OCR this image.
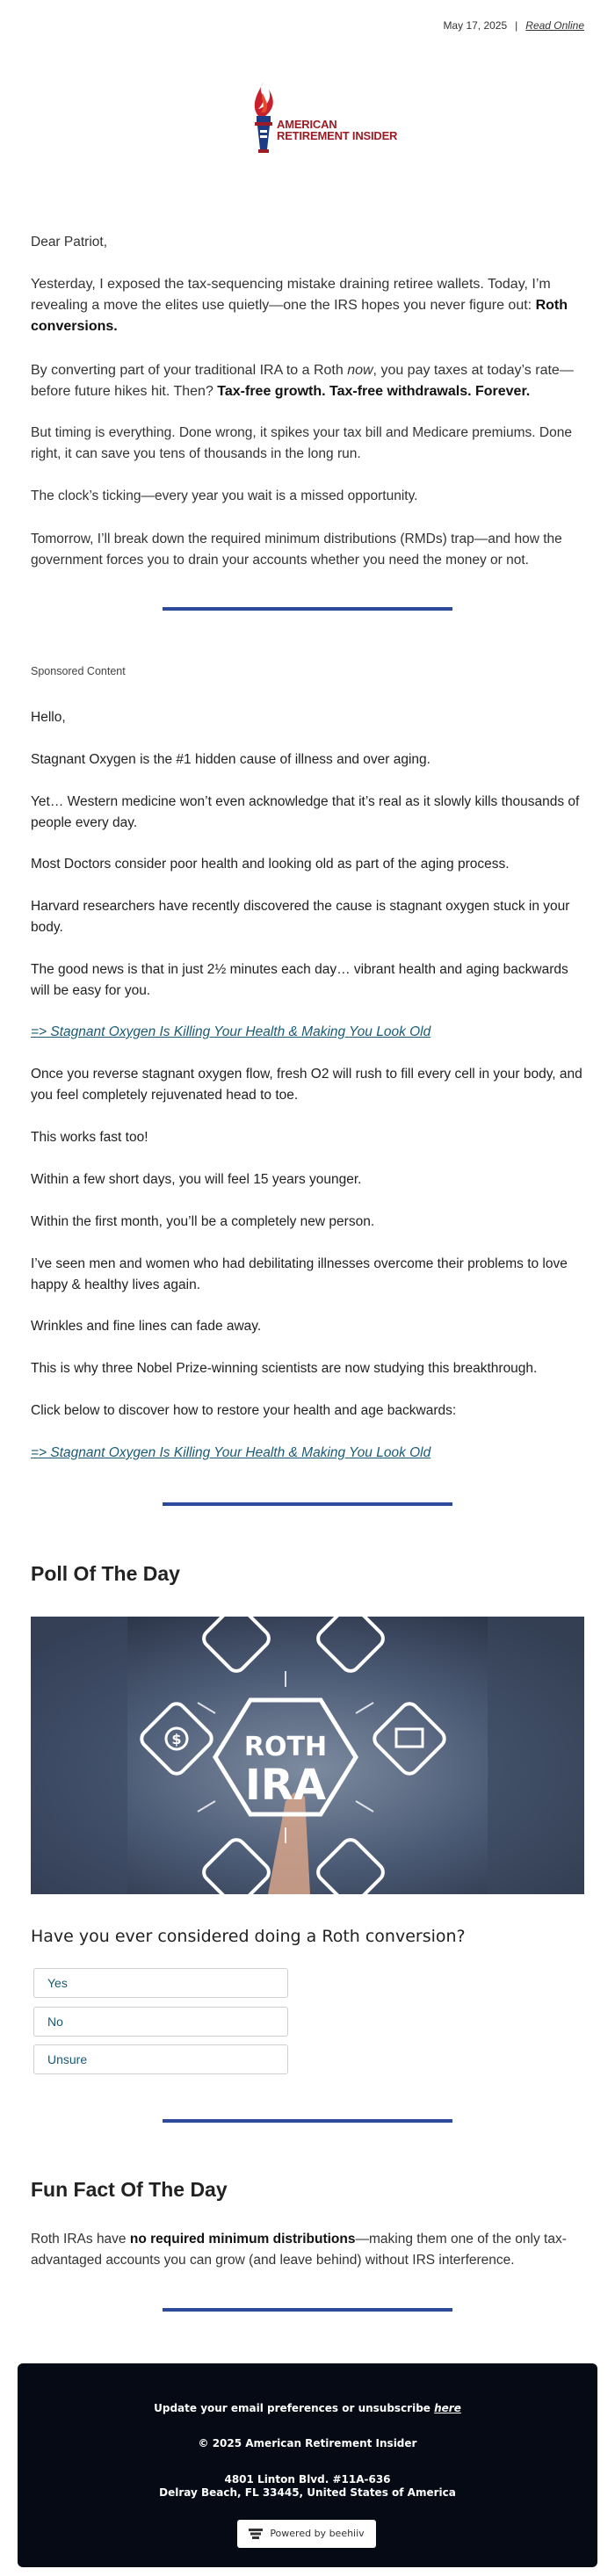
May 17, 2025 | Read Online
AMERICAN
RETIREMENT INSIDER

Dear Patriot,

Yesterday, I exposed the tax-sequencing mistake draining retiree wallets. Today, I’m revealing a move the elites use quietly—one the IRS hopes you never figure out: Roth conversions.

By converting part of your traditional IRA to a Roth now, you pay taxes at today’s rate—before future hikes hit. Then? Tax-free growth. Tax-free withdrawals. Forever.

But timing is everything. Done wrong, it spikes your tax bill and Medicare premiums. Done right, it can save you tens of thousands in the long run.

The clock’s ticking—every year you wait is a missed opportunity.

Tomorrow, I’ll break down the required minimum distributions (RMDs) trap—and how the government forces you to drain your accounts whether you need the money or not.

Sponsored Content

Hello,

Stagnant Oxygen is the #1 hidden cause of illness and over aging.

Yet… Western medicine won’t even acknowledge that it’s real as it slowly kills thousands of people every day.

Most Doctors consider poor health and looking old as part of the aging process.

Harvard researchers have recently discovered the cause is stagnant oxygen stuck in your body.

The good news is that in just 2½ minutes each day… vibrant health and aging backwards will be easy for you.

=> Stagnant Oxygen Is Killing Your Health & Making You Look Old

Once you reverse stagnant oxygen flow, fresh O2 will rush to fill every cell in your body, and you feel completely rejuvenated head to toe.

This works fast too!

Within a few short days, you will feel 15 years younger.

Within the first month, you’ll be a completely new person.

I’ve seen men and women who had debilitating illnesses overcome their problems to love happy & healthy lives again.

Wrinkles and fine lines can fade away.

This is why three Nobel Prize-winning scientists are now studying this breakthrough.

Click below to discover how to restore your health and age backwards:

=> Stagnant Oxygen Is Killing Your Health & Making You Look Old

Poll Of The Day
$ ROTH
IRA

Have you ever considered doing a Roth conversion?

Yes
No
Unsure
Fun Fact Of The Day

Roth IRAs have no required minimum distributions—making them one of the only tax-advantaged accounts you can grow (and leave behind) without IRS interference.

Update your email preferences or unsubscribe here
© 2025 American Retirement Insider
4801 Linton Blvd. #11A-636
Delray Beach, FL 33445, United States of America
Powered by beehiiv
